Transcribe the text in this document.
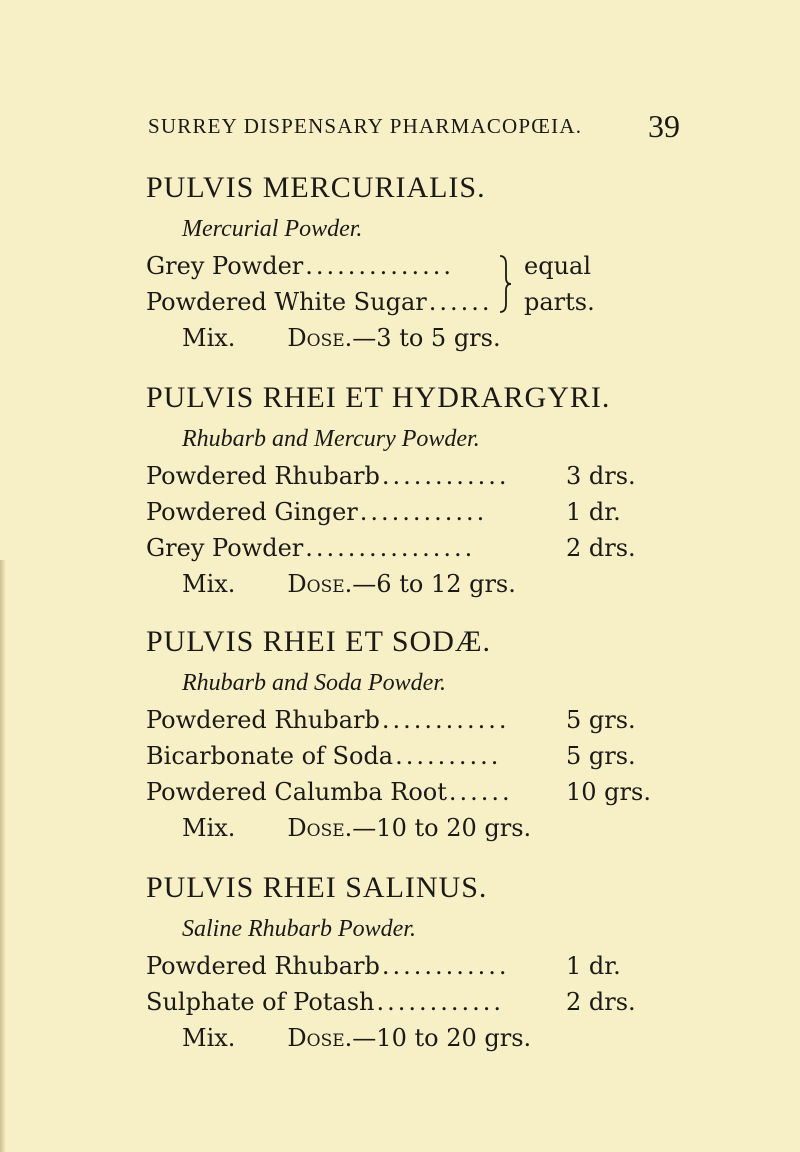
SURREY DISPENSARY PHARMACOPŒIA. 39
PULVIS MERCURIALIS.
Mercurial Powder.
Grey Powder ..............
Powdered White Sugar ......
equal
parts.
Mix. Dose.—3 to 5 grs.
PULVIS RHEI ET HYDRARGYRI.
Rhubarb and Mercury Powder.
Powdered Rhubarb ............	3 drs.
Powdered Ginger ............	1 dr.
Grey Powder ................	2 drs.
Mix. Dose.—6 to 12 grs.
PULVIS RHEI ET SODÆ.
Rhubarb and Soda Powder.
Powdered Rhubarb ............	5 grs.
Bicarbonate of Soda ..........	5 grs.
Powdered Calumba Root ......	10 grs.
Mix. Dose.—10 to 20 grs.
PULVIS RHEI SALINUS.
Saline Rhubarb Powder.
Powdered Rhubarb ............	1 dr.
Sulphate of Potash ............	2 drs.
Mix. Dose.—10 to 20 grs.
